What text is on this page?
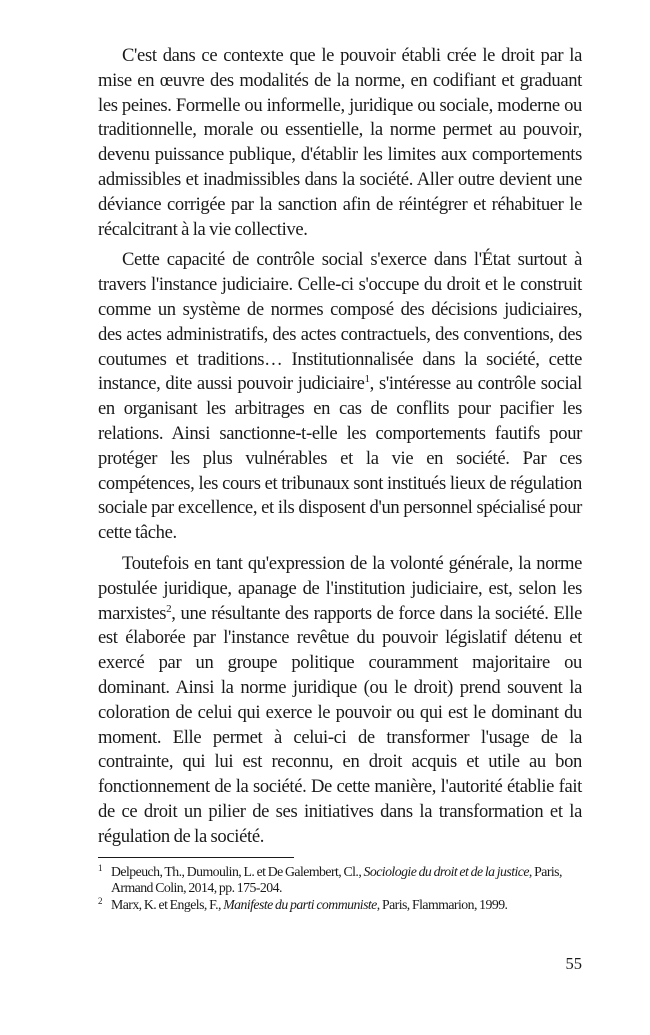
C'est dans ce contexte que le pouvoir établi crée le droit par la mise en œuvre des modalités de la norme, en codifiant et graduant les peines. Formelle ou informelle, juridique ou sociale, moderne ou traditionnelle, morale ou essentielle, la norme permet au pouvoir, devenu puissance publique, d'établir les limites aux comportements admissibles et inadmissibles dans la société. Aller outre devient une déviance corrigée par la sanction afin de réintégrer et réhabituer le récalcitrant à la vie collective.

Cette capacité de contrôle social s'exerce dans l'État surtout à travers l'instance judiciaire. Celle-ci s'occupe du droit et le construit comme un système de normes composé des décisions judiciaires, des actes administratifs, des actes contractuels, des conventions, des coutumes et traditions… Institutionnalisée dans la société, cette instance, dite aussi pouvoir judiciaire$^1$, s'intéresse au contrôle social en organisant les arbitrages en cas de conflits pour pacifier les relations. Ainsi sanctionne-t-elle les comportements fautifs pour protéger les plus vulnérables et la vie en société. Par ces compétences, les cours et tribunaux sont institués lieux de régulation sociale par excellence, et ils disposent d'un personnel spécialisé pour cette tâche.

Toutefois en tant qu'expression de la volonté générale, la norme postulée juridique, apanage de l'institution judiciaire, est, selon les marxistes$^2$, une résultante des rapports de force dans la société. Elle est élaborée par l'instance revêtue du pouvoir législatif détenu et exercé par un groupe politique couramment majoritaire ou dominant. Ainsi la norme juridique (ou le droit) prend souvent la coloration de celui qui exerce le pouvoir ou qui est le dominant du moment. Elle permet à celui-ci de transformer l'usage de la contrainte, qui lui est reconnu, en droit acquis et utile au bon fonctionnement de la société. De cette manière, l'autorité établie fait de ce droit un pilier de ses initiatives dans la transformation et la régulation de la société.

1 Delpeuch, Th., Dumoulin, L. et De Galembert, Cl., Sociologie du droit et de la justice, Paris, Armand Colin, 2014, pp. 175-204.

2 Marx, K. et Engels, F., Manifeste du parti communiste, Paris, Flammarion, 1999.

55
